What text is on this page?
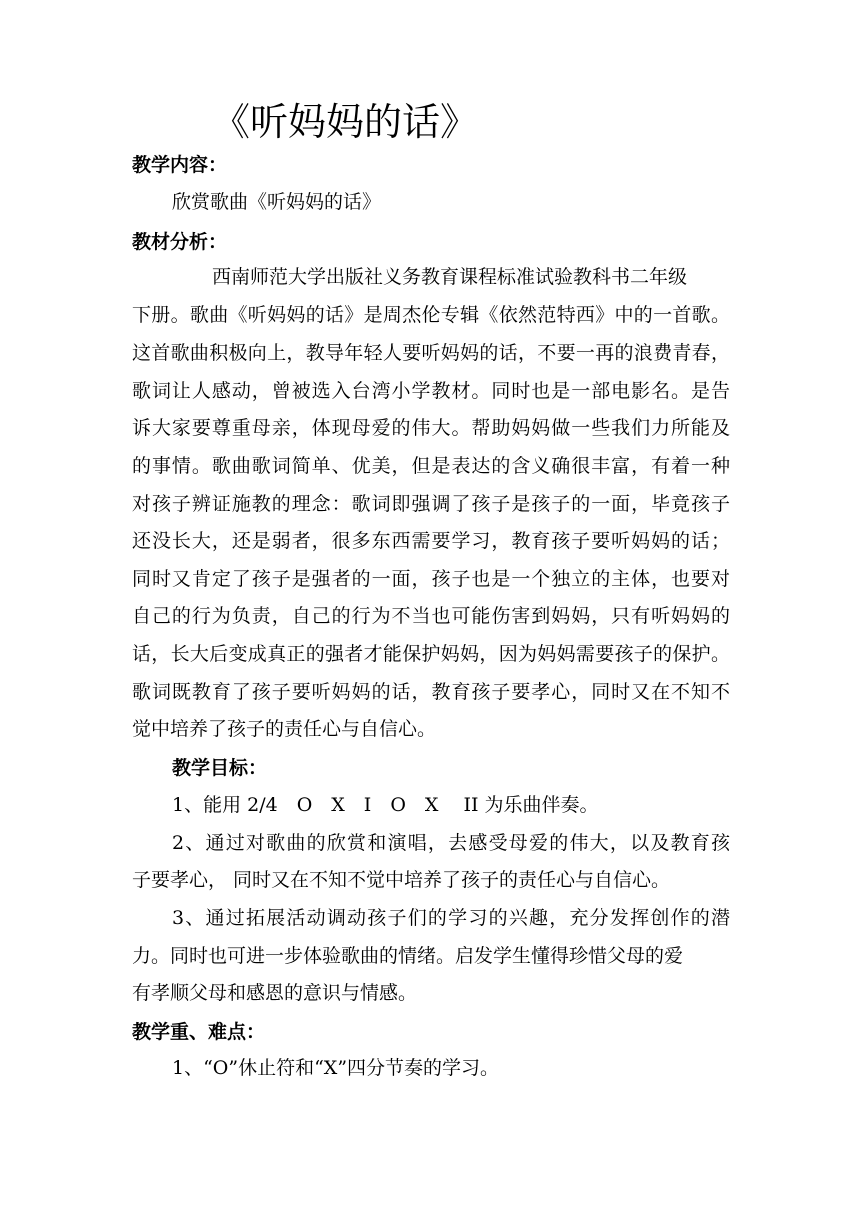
《听妈妈的话》
教学内容：
欣赏歌曲《听妈妈的话》
教材分析：
西南师范大学出版社义务教育课程标准试验教科书二年级
下册。歌曲《听妈妈的话》是周杰伦专辑《依然范特西》中的一首歌。
这首歌曲积极向上，教导年轻人要听妈妈的话，不要一再的浪费青春，
歌词让人感动，曾被选入台湾小学教材。同时也是一部电影名。是告
诉大家要尊重母亲，体现母爱的伟大。帮助妈妈做一些我们力所能及
的事情。歌曲歌词简单、优美，但是表达的含义确很丰富，有着一种
对孩子辨证施教的理念：歌词即强调了孩子是孩子的一面，毕竟孩子
还没长大，还是弱者，很多东西需要学习，教育孩子要听妈妈的话；
同时又肯定了孩子是强者的一面，孩子也是一个独立的主体，也要对
自己的行为负责，自己的行为不当也可能伤害到妈妈，只有听妈妈的
话，长大后变成真正的强者才能保护妈妈，因为妈妈需要孩子的保护。
歌词既教育了孩子要听妈妈的话，教育孩子要孝心，同时又在不知不
觉中培养了孩子的责任心与自信心。
教学目标：
1、能用 2/4　O　X　I　O　X　 II 为乐曲伴奏。
2、通过对歌曲的欣赏和演唱，去感受母爱的伟大，以及教育孩
子要孝心， 同时又在不知不觉中培养了孩子的责任心与自信心。
3、通过拓展活动调动孩子们的学习的兴趣，充分发挥创作的潜
力。同时也可进一步体验歌曲的情绪。启发学生懂得珍惜父母的爱
有孝顺父母和感恩的意识与情感。
教学重、难点：
1、“O”休止符和“X”四分节奏的学习。
